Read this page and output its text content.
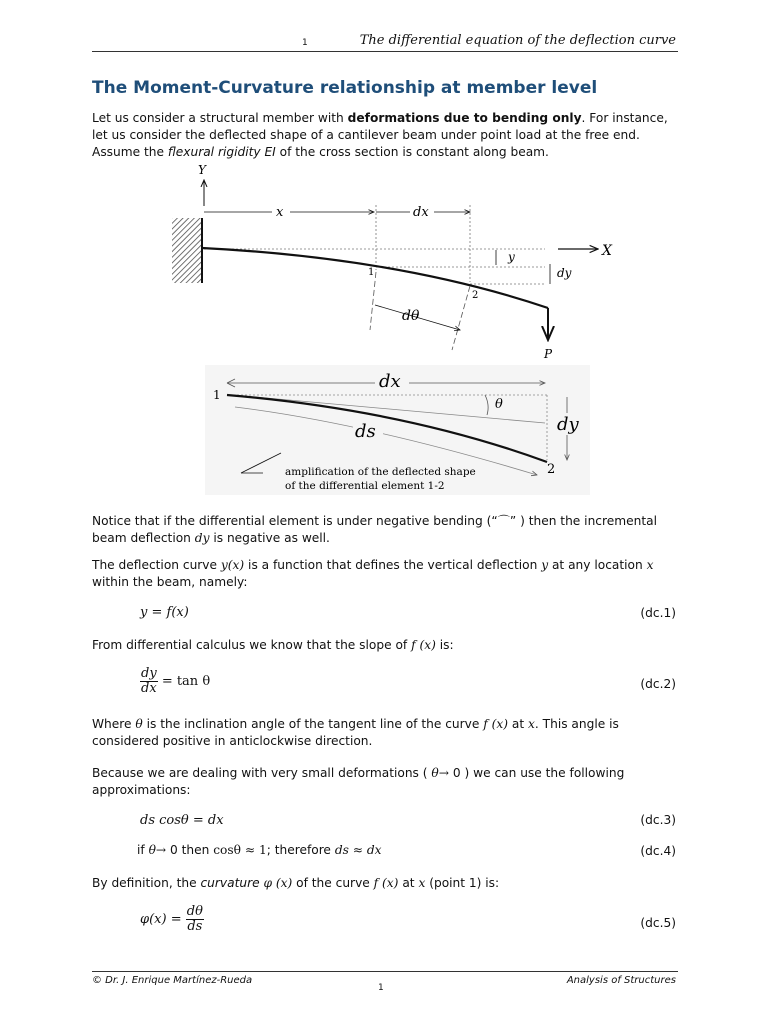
1	The differential equation of the deflection curve
The Moment-Curvature relationship at member level
Let us consider a structural member with deformations due to bending only. For instance,
let us consider the deflected shape of a cantilever beam under point load at the free end.
Assume the flexural rigidity EI of the cross section is constant along beam.
Y
x	dx
X
y
dy
1
2
dθ
P
1
dx
θ
dy
ds
2
amplification of the deflected shape
of the differential element 1-2
Notice that if the differential element is under negative bending (“⌒” ) then the incremental
beam deflection dy is negative as well.
The deflection curve y(x) is a function that defines the vertical deflection y at any location x
within the beam, namely:
y = f(x)	(dc.1)
From differential calculus we know that the slope of f (x) is:
$\frac{dy}{dx} = \tan \theta$	(dc.2)
Where θ is the inclination angle of the tangent line of the curve f (x) at x. This angle is
considered positive in anticlockwise direction.
Because we are dealing with very small deformations ( θ→ 0 ) we can use the following
approximations:
ds cosθ = dx	(dc.3)
if θ→ 0 then cosθ ≈ 1; therefore ds ≈ dx	(dc.4)
By definition, the curvature φ (x) of the curve f (x) at x (point 1) is:
$\varphi(x) = \frac{d\theta}{ds}$	(dc.5)
© Dr. J. Enrique Martínez-Rueda
1
Analysis of Structures
